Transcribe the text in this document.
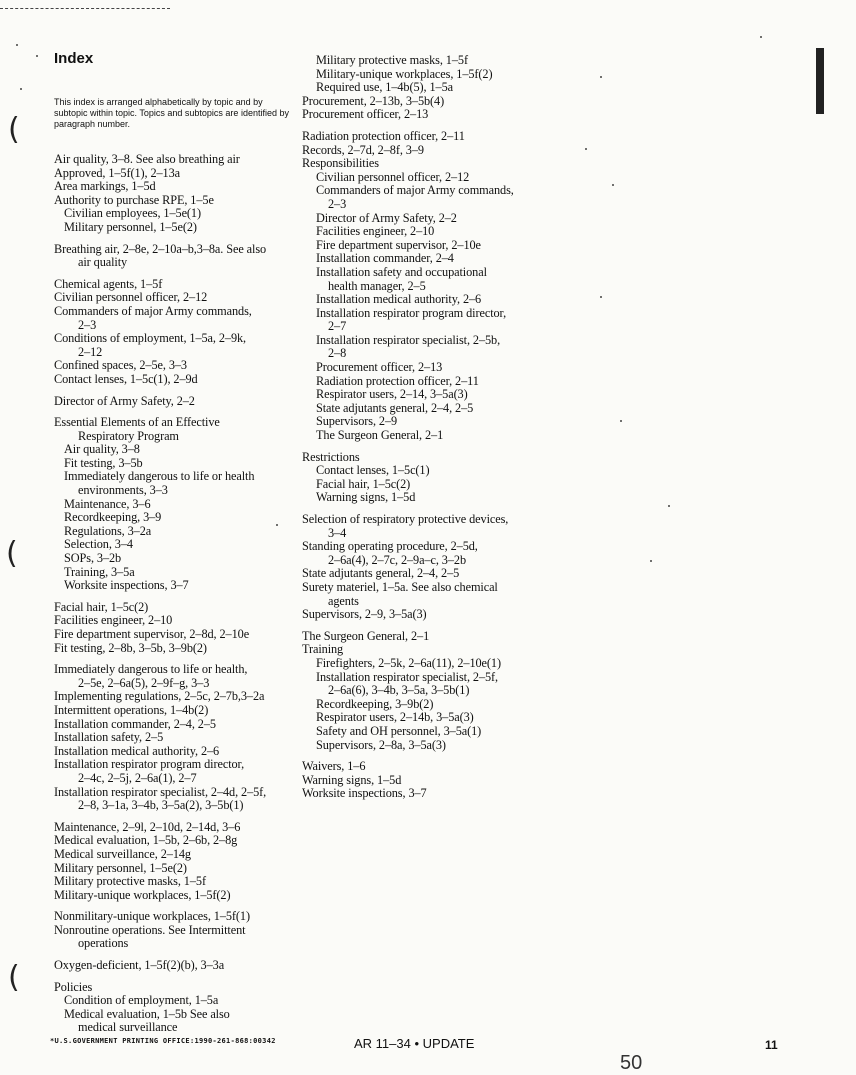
Index
This index is arranged alphabetically by topic and by subtopic within topic. Topics and subtopics are identified by paragraph number.
Air quality, 3–8. See also breathing air
Approved, 1–5f(1), 2–13a
Area markings, 1–5d
Authority to purchase RPE, 1–5e
Civilian employees, 1–5e(1)
Military personnel, 1–5e(2)
Breathing air, 2–8e, 2–10a–b,3–8a. See also
air quality
Chemical agents, 1–5f
Civilian personnel officer, 2–12
Commanders of major Army commands,
2–3
Conditions of employment, 1–5a, 2–9k,
2–12
Confined spaces, 2–5e, 3–3
Contact lenses, 1–5c(1), 2–9d
Director of Army Safety, 2–2
Essential Elements of an Effective
Respiratory Program
Air quality, 3–8
Fit testing, 3–5b
Immediately dangerous to life or health
environments, 3–3
Maintenance, 3–6
Recordkeeping, 3–9
Regulations, 3–2a
Selection, 3–4
SOPs, 3–2b
Training, 3–5a
Worksite inspections, 3–7
Facial hair, 1–5c(2)
Facilities engineer, 2–10
Fire department supervisor, 2–8d, 2–10e
Fit testing, 2–8b, 3–5b, 3–9b(2)
Immediately dangerous to life or health,
2–5e, 2–6a(5), 2–9f–g, 3–3
Implementing regulations, 2–5c, 2–7b,3–2a
Intermittent operations, 1–4b(2)
Installation commander, 2–4, 2–5
Installation safety, 2–5
Installation medical authority, 2–6
Installation respirator program director,
2–4c, 2–5j, 2–6a(1), 2–7
Installation respirator specialist, 2–4d, 2–5f,
2–8, 3–1a, 3–4b, 3–5a(2), 3–5b(1)
Maintenance, 2–9l, 2–10d, 2–14d, 3–6
Medical evaluation, 1–5b, 2–6b, 2–8g
Medical surveillance, 2–14g
Military personnel, 1–5e(2)
Military protective masks, 1–5f
Military-unique workplaces, 1–5f(2)
Nonmilitary-unique workplaces, 1–5f(1)
Nonroutine operations. See Intermittent
operations
Oxygen-deficient, 1–5f(2)(b), 3–3a
Policies
Condition of employment, 1–5a
Medical evaluation, 1–5b See also
medical surveillance
Military protective masks, 1–5f
Military-unique workplaces, 1–5f(2)
Required use, 1–4b(5), 1–5a
Procurement, 2–13b, 3–5b(4)
Procurement officer, 2–13
Radiation protection officer, 2–11
Records, 2–7d, 2–8f, 3–9
Responsibilities
Civilian personnel officer, 2–12
Commanders of major Army commands,
2–3
Director of Army Safety, 2–2
Facilities engineer, 2–10
Fire department supervisor, 2–10e
Installation commander, 2–4
Installation safety and occupational
health manager, 2–5
Installation medical authority, 2–6
Installation respirator program director,
2–7
Installation respirator specialist, 2–5b,
2–8
Procurement officer, 2–13
Radiation protection officer, 2–11
Respirator users, 2–14, 3–5a(3)
State adjutants general, 2–4, 2–5
Supervisors, 2–9
The Surgeon General, 2–1
Restrictions
Contact lenses, 1–5c(1)
Facial hair, 1–5c(2)
Warning signs, 1–5d
Selection of respiratory protective devices,
3–4
Standing operating procedure, 2–5d,
2–6a(4), 2–7c, 2–9a–c, 3–2b
State adjutants general, 2–4, 2–5
Surety materiel, 1–5a. See also chemical
agents
Supervisors, 2–9, 3–5a(3)
The Surgeon General, 2–1
Training
Firefighters, 2–5k, 2–6a(11), 2–10e(1)
Installation respirator specialist, 2–5f,
2–6a(6), 3–4b, 3–5a, 3–5b(1)
Recordkeeping, 3–9b(2)
Respirator users, 2–14b, 3–5a(3)
Safety and OH personnel, 3–5a(1)
Supervisors, 2–8a, 3–5a(3)
Waivers, 1–6
Warning signs, 1–5d
Worksite inspections, 3–7
(
(
(
*U.S.GOVERNMENT PRINTING OFFICE:1990-261-868:00342	AR 11–34 • UPDATE	11
50
